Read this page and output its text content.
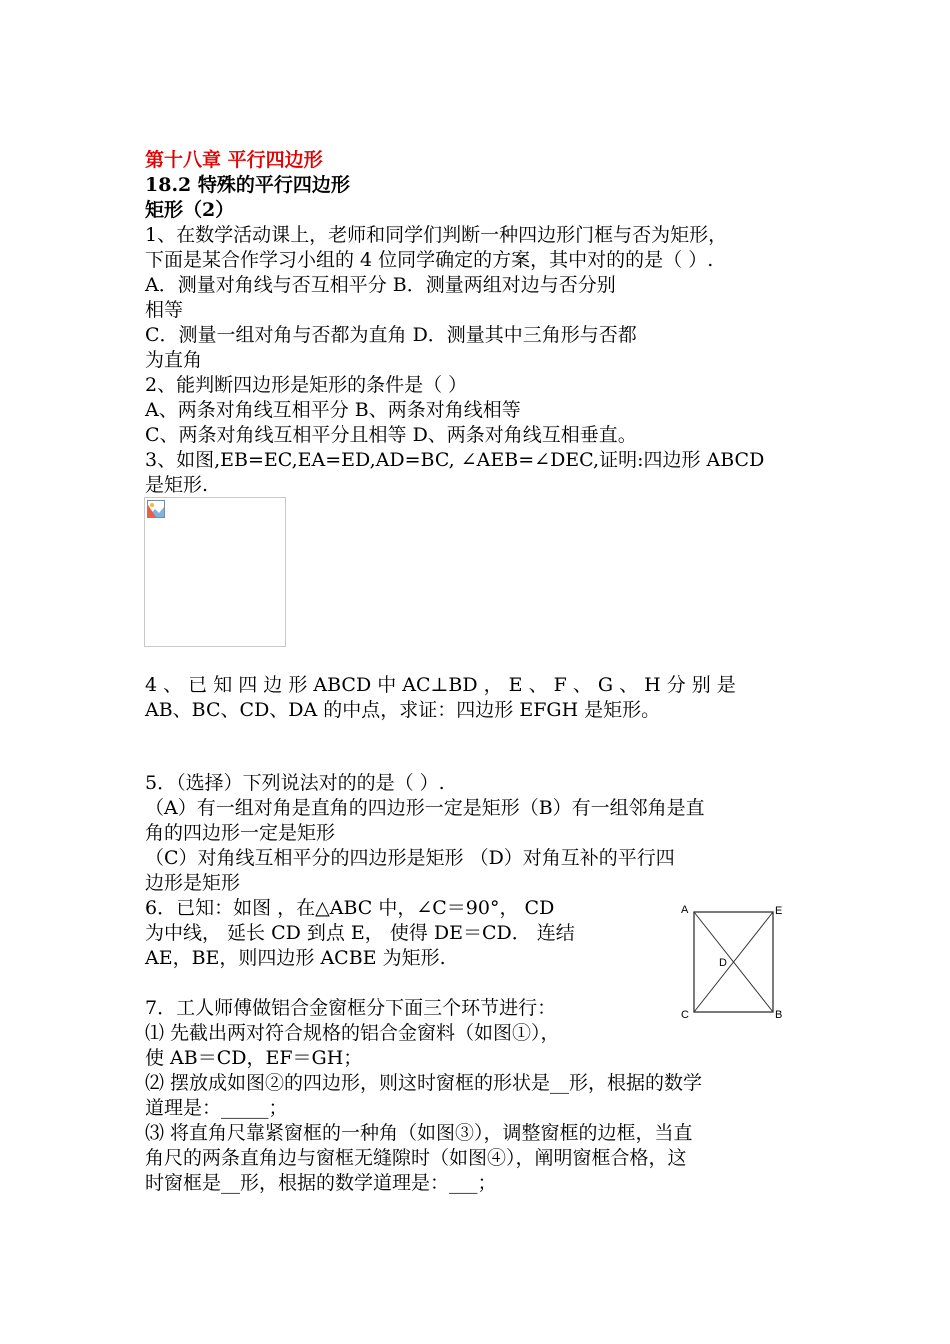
第十八章 平行四边形
18.2 特殊的平行四边形
矩形（2）
1、在数学活动课上，老师和同学们判断一种四边形门框与否为矩形，
下面是某合作学习小组的 4 位同学确定的方案，其中对的的是（ ）.
A．测量对角线与否互相平分 B．测量两组对边与否分别
相等
C．测量一组对角与否都为直角 D．测量其中三角形与否都
为直角
2、能判断四边形是矩形的条件是（ ）
A、两条对角线互相平分 B、两条对角线相等
C、两条对角线互相平分且相等 D、两条对角线互相垂直。
3、如图,EB=EC,EA=ED,AD=BC, ∠AEB=∠DEC,证明:四边形 ABCD
是矩形.
4 、 已 知 四 边 形 ABCD 中 AC⊥BD ， E 、 F 、 G 、 H 分 别 是
AB、BC、CD、DA 的中点，求证：四边形 EFGH 是矩形。
5．（选择）下列说法对的的是（ ）.
（A）有一组对角是直角的四边形一定是矩形（B）有一组邻角是直
角的四边形一定是矩形
（C）对角线互相平分的四边形是矩形 （D）对角互补的平行四
边形是矩形
6．已知：如图 ，在△ABC 中，∠C＝90°， CD
为中线， 延长 CD 到点 E， 使得 DE＝CD． 连结
AE，BE，则四边形 ACBE 为矩形.
A	E
D
C	B
7．工人师傅做铝合金窗框分下面三个环节进行：
⑴ 先截出两对符合规格的铝合金窗料（如图①），
使 AB＝CD，EF＝GH；
⑵ 摆放成如图②的四边形，则这时窗框的形状是__形，根据的数学
道理是：_____；
⑶ 将直角尺靠紧窗框的一种角（如图③），调整窗框的边框，当直
角尺的两条直角边与窗框无缝隙时（如图④），阐明窗框合格，这
时窗框是__形，根据的数学道理是：___；
